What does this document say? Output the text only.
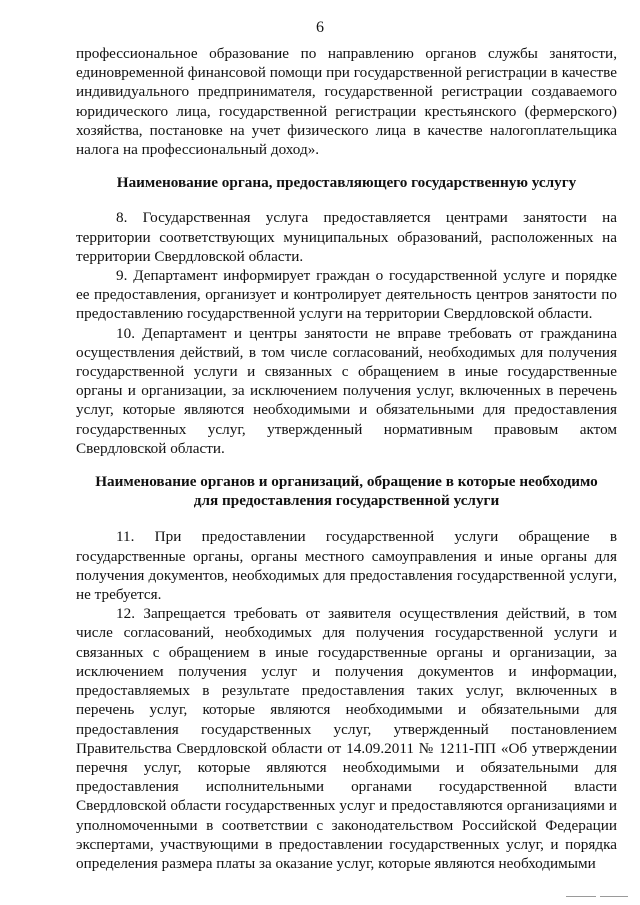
6

профессиональное образование по направлению органов службы занятости, единовременной финансовой помощи при государственной регистрации в качестве индивидуального предпринимателя, государственной регистрации создаваемого юридического лица, государственной регистрации крестьянского (фермерского) хозяйства, постановке на учет физического лица в качестве налогоплательщика налога на профессиональный доход».

Наименование органа, предоставляющего государственную услугу

8. Государственная услуга предоставляется центрами занятости на территории соответствующих муниципальных образований, расположенных на территории Свердловской области.

9. Департамент информирует граждан о государственной услуге и порядке ее предоставления, организует и контролирует деятельность центров занятости по предоставлению государственной услуги на территории Свердловской области.

10. Департамент и центры занятости не вправе требовать от гражданина осуществления действий, в том числе согласований, необходимых для получения государственной услуги и связанных с обращением в иные государственные органы и организации, за исключением получения услуг, включенных в перечень услуг, которые являются необходимыми и обязательными для предоставления государственных услуг, утвержденный нормативным правовым актом Свердловской области.

Наименование органов и организаций, обращение в которые необходимо
для предоставления государственной услуги

11. При предоставлении государственной услуги обращение в государственные органы, органы местного самоуправления и иные органы для получения документов, необходимых для предоставления государственной услуги, не требуется.

12. Запрещается требовать от заявителя осуществления действий, в том числе согласований, необходимых для получения государственной услуги и связанных с обращением в иные государственные органы и организации, за исключением получения услуг и получения документов и информации, предоставляемых в результате предоставления таких услуг, включенных в перечень услуг, которые являются необходимыми и обязательными для предоставления государственных услуг, утвержденный постановлением Правительства Свердловской области от 14.09.2011 № 1211-ПП «Об утверждении перечня услуг, которые являются необходимыми и обязательными для предоставления исполнительными органами государственной власти Свердловской области государственных услуг и предоставляются организациями и уполномоченными в соответствии с законодательством Российской Федерации экспертами, участвующими в предоставлении государственных услуг, и порядка определения размера платы за оказание услуг, которые являются необходимыми
